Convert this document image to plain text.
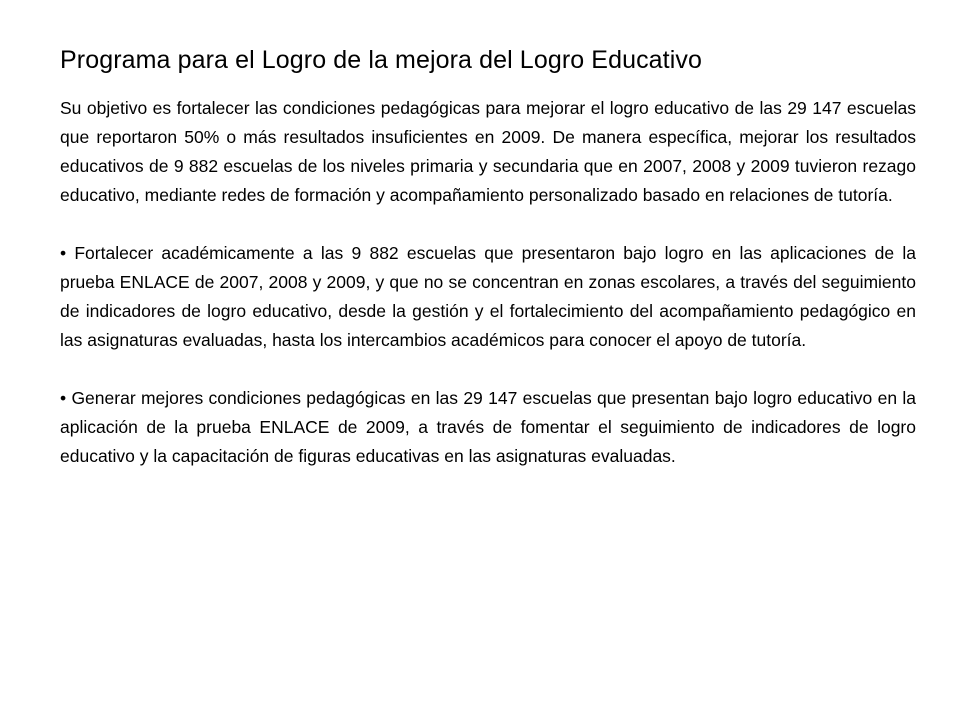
Programa para el Logro de la mejora del Logro Educativo

Su objetivo es fortalecer las condiciones pedagógicas para mejorar el logro educativo de las 29 147 escuelas que reportaron 50% o más resultados insuficientes en 2009. De manera específica, mejorar los resultados educativos de 9 882 escuelas de los niveles primaria y secundaria que en 2007, 2008 y 2009 tuvieron rezago educativo, mediante redes de formación y acompañamiento personalizado basado en relaciones de tutoría.

• Fortalecer académicamente a las 9 882 escuelas que presentaron bajo logro en las aplicaciones de la prueba ENLACE de 2007, 2008 y 2009, y que no se concentran en zonas escolares, a través del seguimiento de indicadores de logro educativo, desde la gestión y el fortalecimiento del acompañamiento pedagógico en las asignaturas evaluadas, hasta los intercambios académicos para conocer el apoyo de tutoría.

• Generar mejores condiciones pedagógicas en las 29 147 escuelas que presentan bajo logro educativo en la aplicación de la prueba ENLACE de 2009, a través de fomentar el seguimiento de indicadores de logro educativo y la capacitación de figuras educativas en las asignaturas evaluadas.
